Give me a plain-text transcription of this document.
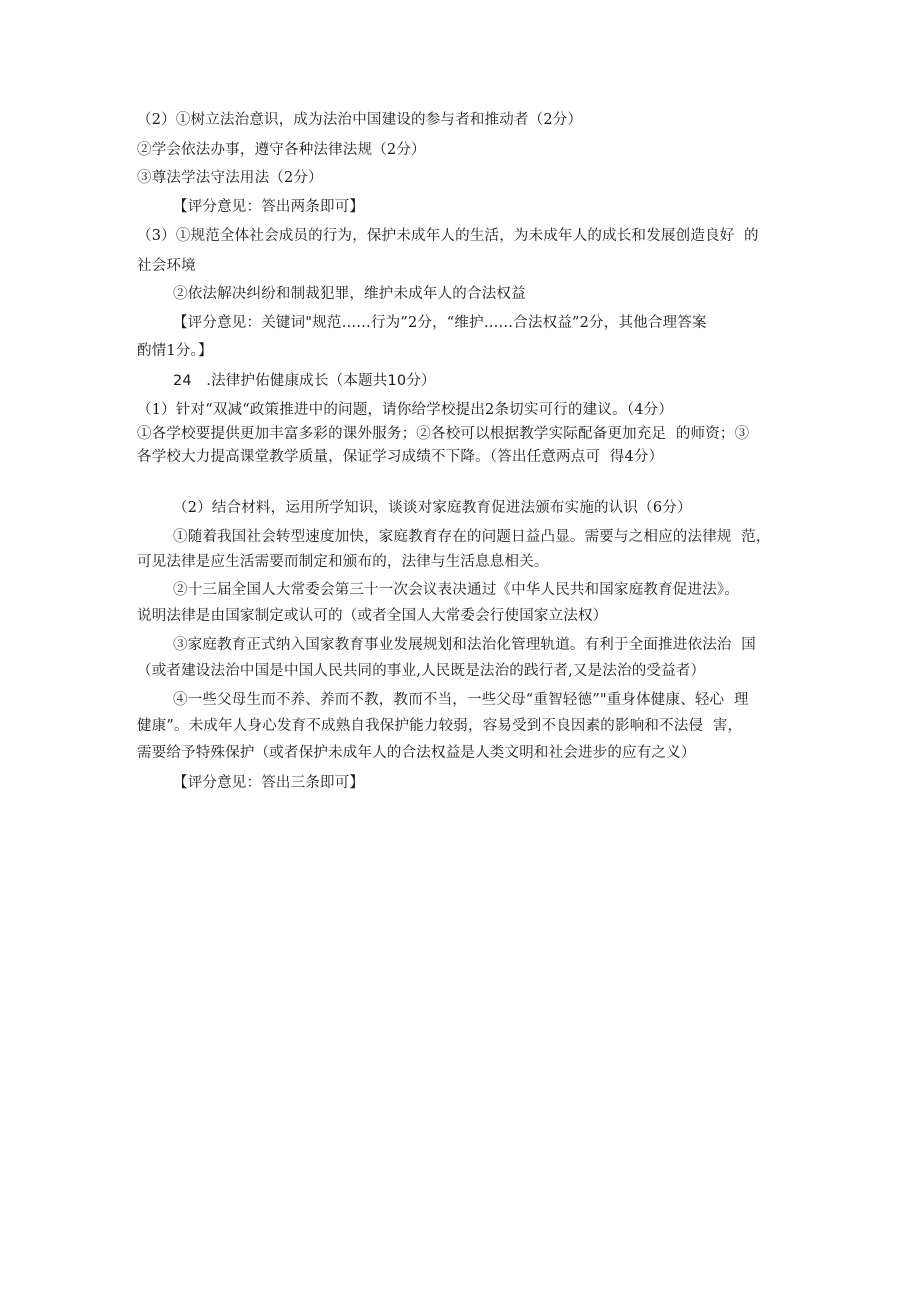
（2）①树立法治意识，成为法治中国建设的参与者和推动者（2分）
②学会依法办事，遵守各种法律法规（2分）
③尊法学法守法用法（2分）
【评分意见：答出两条即可】
（3）①规范全体社会成员的行为，保护未成年人的生活，为未成年人的成长和发展创造良好  的
社会环境
②依法解决纠纷和制裁犯罪，维护未成年人的合法权益
【评分意见：关键词"规范……行为”2分，“维护……合法权益”2分，其他合理答案
酌情1分。】
24   .法律护佑健康成长（本题共10分）
（1）针对“双减“政策推进中的问题，请你给学校提出2条切实可行的建议。（4分）
①各学校要提供更加丰富多彩的课外服务；②各校可以根据教学实际配备更加充足  的师资；③
各学校大力提高课堂教学质量，保证学习成绩不下降。（答出任意两点可  得4分）
（2）结合材料，运用所学知识，谈谈对家庭教育促进法颁布实施的认识（6分）
①随着我国社会转型速度加快，家庭教育存在的问题日益凸显。需要与之相应的法律规  范，
可见法律是应生活需要而制定和颁布的，法律与生活息息相关。
②十三届全国人大常委会第三十一次会议表决通过《中华人民共和国家庭教育促进法》。
说明法律是由国家制定或认可的（或者全国人大常委会行使国家立法权）
③家庭教育正式纳入国家教育事业发展规划和法治化管理轨道。有利于全面推进依法治  国
（或者建设法治中国是中国人民共同的事业,人民既是法治的践行者,又是法治的受益者）
④一些父母生而不养、养而不教，教而不当，一些父母“重智轻德”"重身体健康、轻心  理
健康”。未成年人身心发育不成熟自我保护能力较弱，容易受到不良因素的影响和不法侵  害，
需要给予特殊保护（或者保护未成年人的合法权益是人类文明和社会进步的应有之义）
【评分意见：答出三条即可】
